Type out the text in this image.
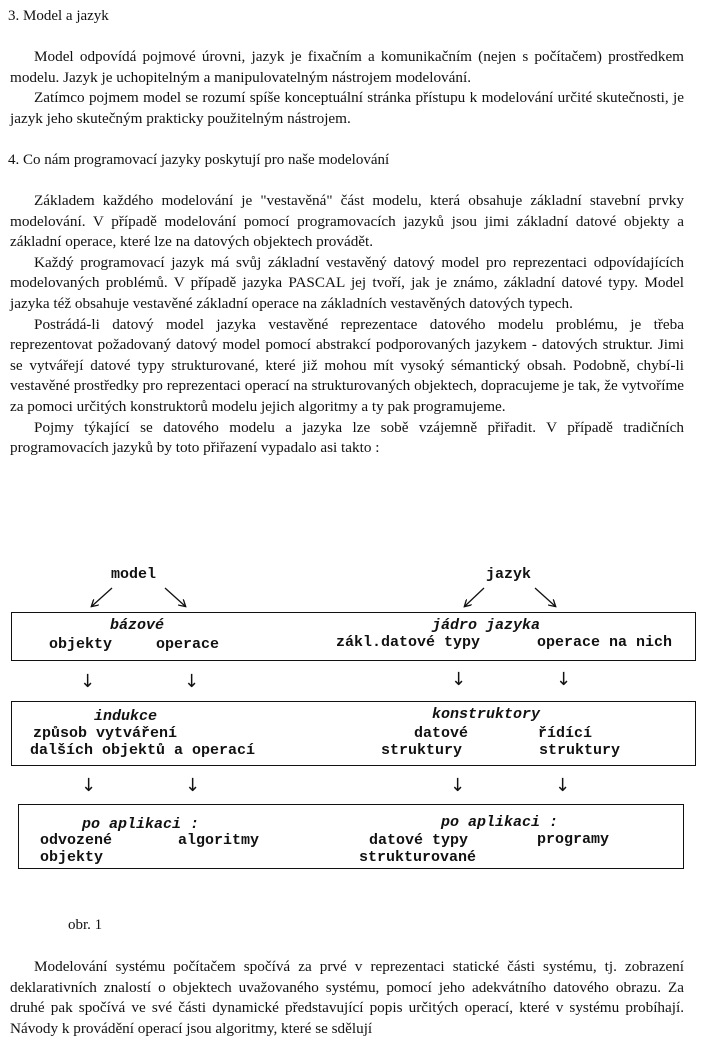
3. Model a jazyk

Model odpovídá pojmové úrovni, jazyk je fixačním a komunikačním (nejen s počítačem) prostředkem modelu. Jazyk je uchopitelným a manipulovatelným nástrojem modelování.

Zatímco pojmem model se rozumí spíše konceptuální stránka přístupu k modelování určité skutečnosti, je jazyk jeho skutečným prakticky použitelným nástrojem.

4. Co nám programovací jazyky poskytují pro naše modelování

Základem každého modelování je "vestavěná" část modelu, která obsahuje základní stavební prvky modelování. V případě modelování pomocí programovacích jazyků jsou jimi základní datové objekty a základní operace, které lze na datových objektech provádět.

Každý programovací jazyk má svůj základní vestavěný datový model pro reprezentaci odpovídajících modelovaných problémů. V případě jazyka PASCAL jej tvoří, jak je známo, základní datové typy. Model jazyka též obsahuje vestavěné základní operace na základních vestavěných datových typech.

Postrádá-li datový model jazyka vestavěné reprezentace datového modelu problému, je třeba reprezentovat požadovaný datový model pomocí abstrakcí podporovaných jazykem - datových struktur. Jimi se vytvářejí datové typy strukturované, které již mohou mít vysoký sémantický obsah. Podobně, chybí-li vestavěné prostředky pro reprezentaci operací na strukturovaných objektech, dopracujeme je tak, že vytvoříme za pomoci určitých konstruktorů modelu jejich algoritmy a ty pak programujeme.

Pojmy týkající se datového modelu a jazyka lze sobě vzájemně přiřadit. V případě tradičních programovacích jazyků by toto přiřazení vypadalo asi takto :

model	jazyk
bázové
objekty	operace
jádro jazyka
zákl.datové typy	operace na nich
↓	↓	↓	↓
indukce
způsob vytváření
dalších objektů a operací
konstruktory
datové
struktury
řídící
struktury
↓	↓	↓	↓
po aplikaci :
odvozené
objekty
algoritmy
po aplikaci :
datové typy
strukturované
programy
obr. 1

Modelování systému počítačem spočívá za prvé v reprezentaci statické části systému, tj. zobrazení deklarativních znalostí o objektech uvažovaného systému, pomocí jeho adekvátního datového obrazu. Za druhé pak spočívá ve své části dynamické představující popis určitých operací, které v systému probíhají. Návody k provádění operací jsou algoritmy, které se sdělují
